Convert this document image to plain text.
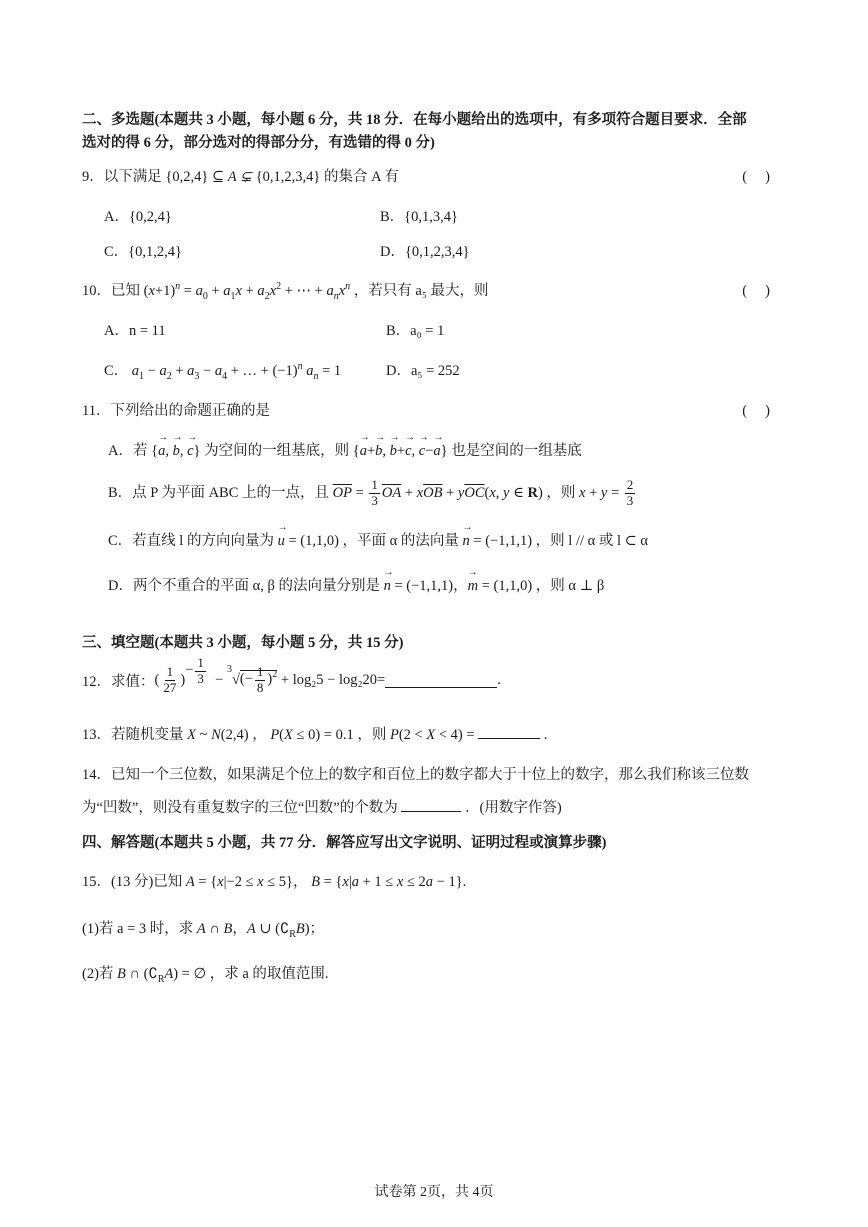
二、多选题(本题共 3 小题，每小题 6 分，共 18 分．在每小题给出的选项中，有多项符合题目要求．全部
选对的得 6 分，部分选对的得部分分，有选错的得 0 分)
9．以下满足 {0,2,4} ⊆ A ⊊ {0,1,2,3,4} 的集合 A 有	(　 )
A．{0,2,4}	B．{0,1,3,4}
C．{0,1,2,4}	D．{0,1,2,3,4}
10．已知 $(x+1)^n = a_0 + a_1x + a_2x^2$ + ⋯ + $a_nx^n$ ，若只有 a₅ 最大，则	(　 )
A．n = 11	B．a₀ = 1
C． $a_1 - a_2 + a_3 - a_4$ + … + $(-1)^n$ $a_n = 1$	D．a₅ = 252
11．下列给出的命题正确的是	(　 )
A．若 {→ a, → b, → c} 为空间的一组基底，则 {→ a+→ b, → b+→ c, → c−→ a} 也是空间的一组基底
B．点 P 为平面 ABC 上的一点，且 $\overline{OP} = \frac{1}{3} \overline{OA} + x\overline{OB} + y\overline{OC}(x$, y ∈ R) ，则 $x + y = \frac{2}{3}$
C．若直线 l 的方向向量为 → u = (1,1,0) ，平面 α 的法向量 → n = (−1,1,1) ，则 l // α 或 l ⊂ α
D．两个不重合的平面 α, β 的法向量分别是 → n = (−1,1,1)，→ m = (1,1,0) ，则 α ⊥ β
三、填空题(本题共 3 小题，每小题 5 分，共 15 分)
12．求值： ( $\frac{1}{27}$ )− $\frac{1}{3} - ^3√(- \frac{1}{8} )^2 + \log_25 - \log_220=$	.
13．若随机变量 X ~ N(2,4) ， P(X ≤ 0) = 0.1 ，则 P(2 < X < 4) =	.
14．已知一个三位数，如果满足个位上的数字和百位上的数字都大于十位上的数字，那么我们称该三位数
为“凹数”，则没有重复数字的三位“凹数”的个数为	．(用数字作答)
四、解答题(本题共 5 小题，共 77 分．解答应写出文字说明、证明过程或演算步骤)
15．(13 分)已知 A = {x|−2 ≤ x ≤ 5}， B = {x|a + 1 ≤ x ≤ 2a − 1}.
(1)若 a = 3 时，求 A ∩ B，A ∪ $(∁_RB)$；
(2)若 B ∩ $(∁_RA)$ = ∅ ，求 a 的取值范围.
试卷第 2页，共 4页
